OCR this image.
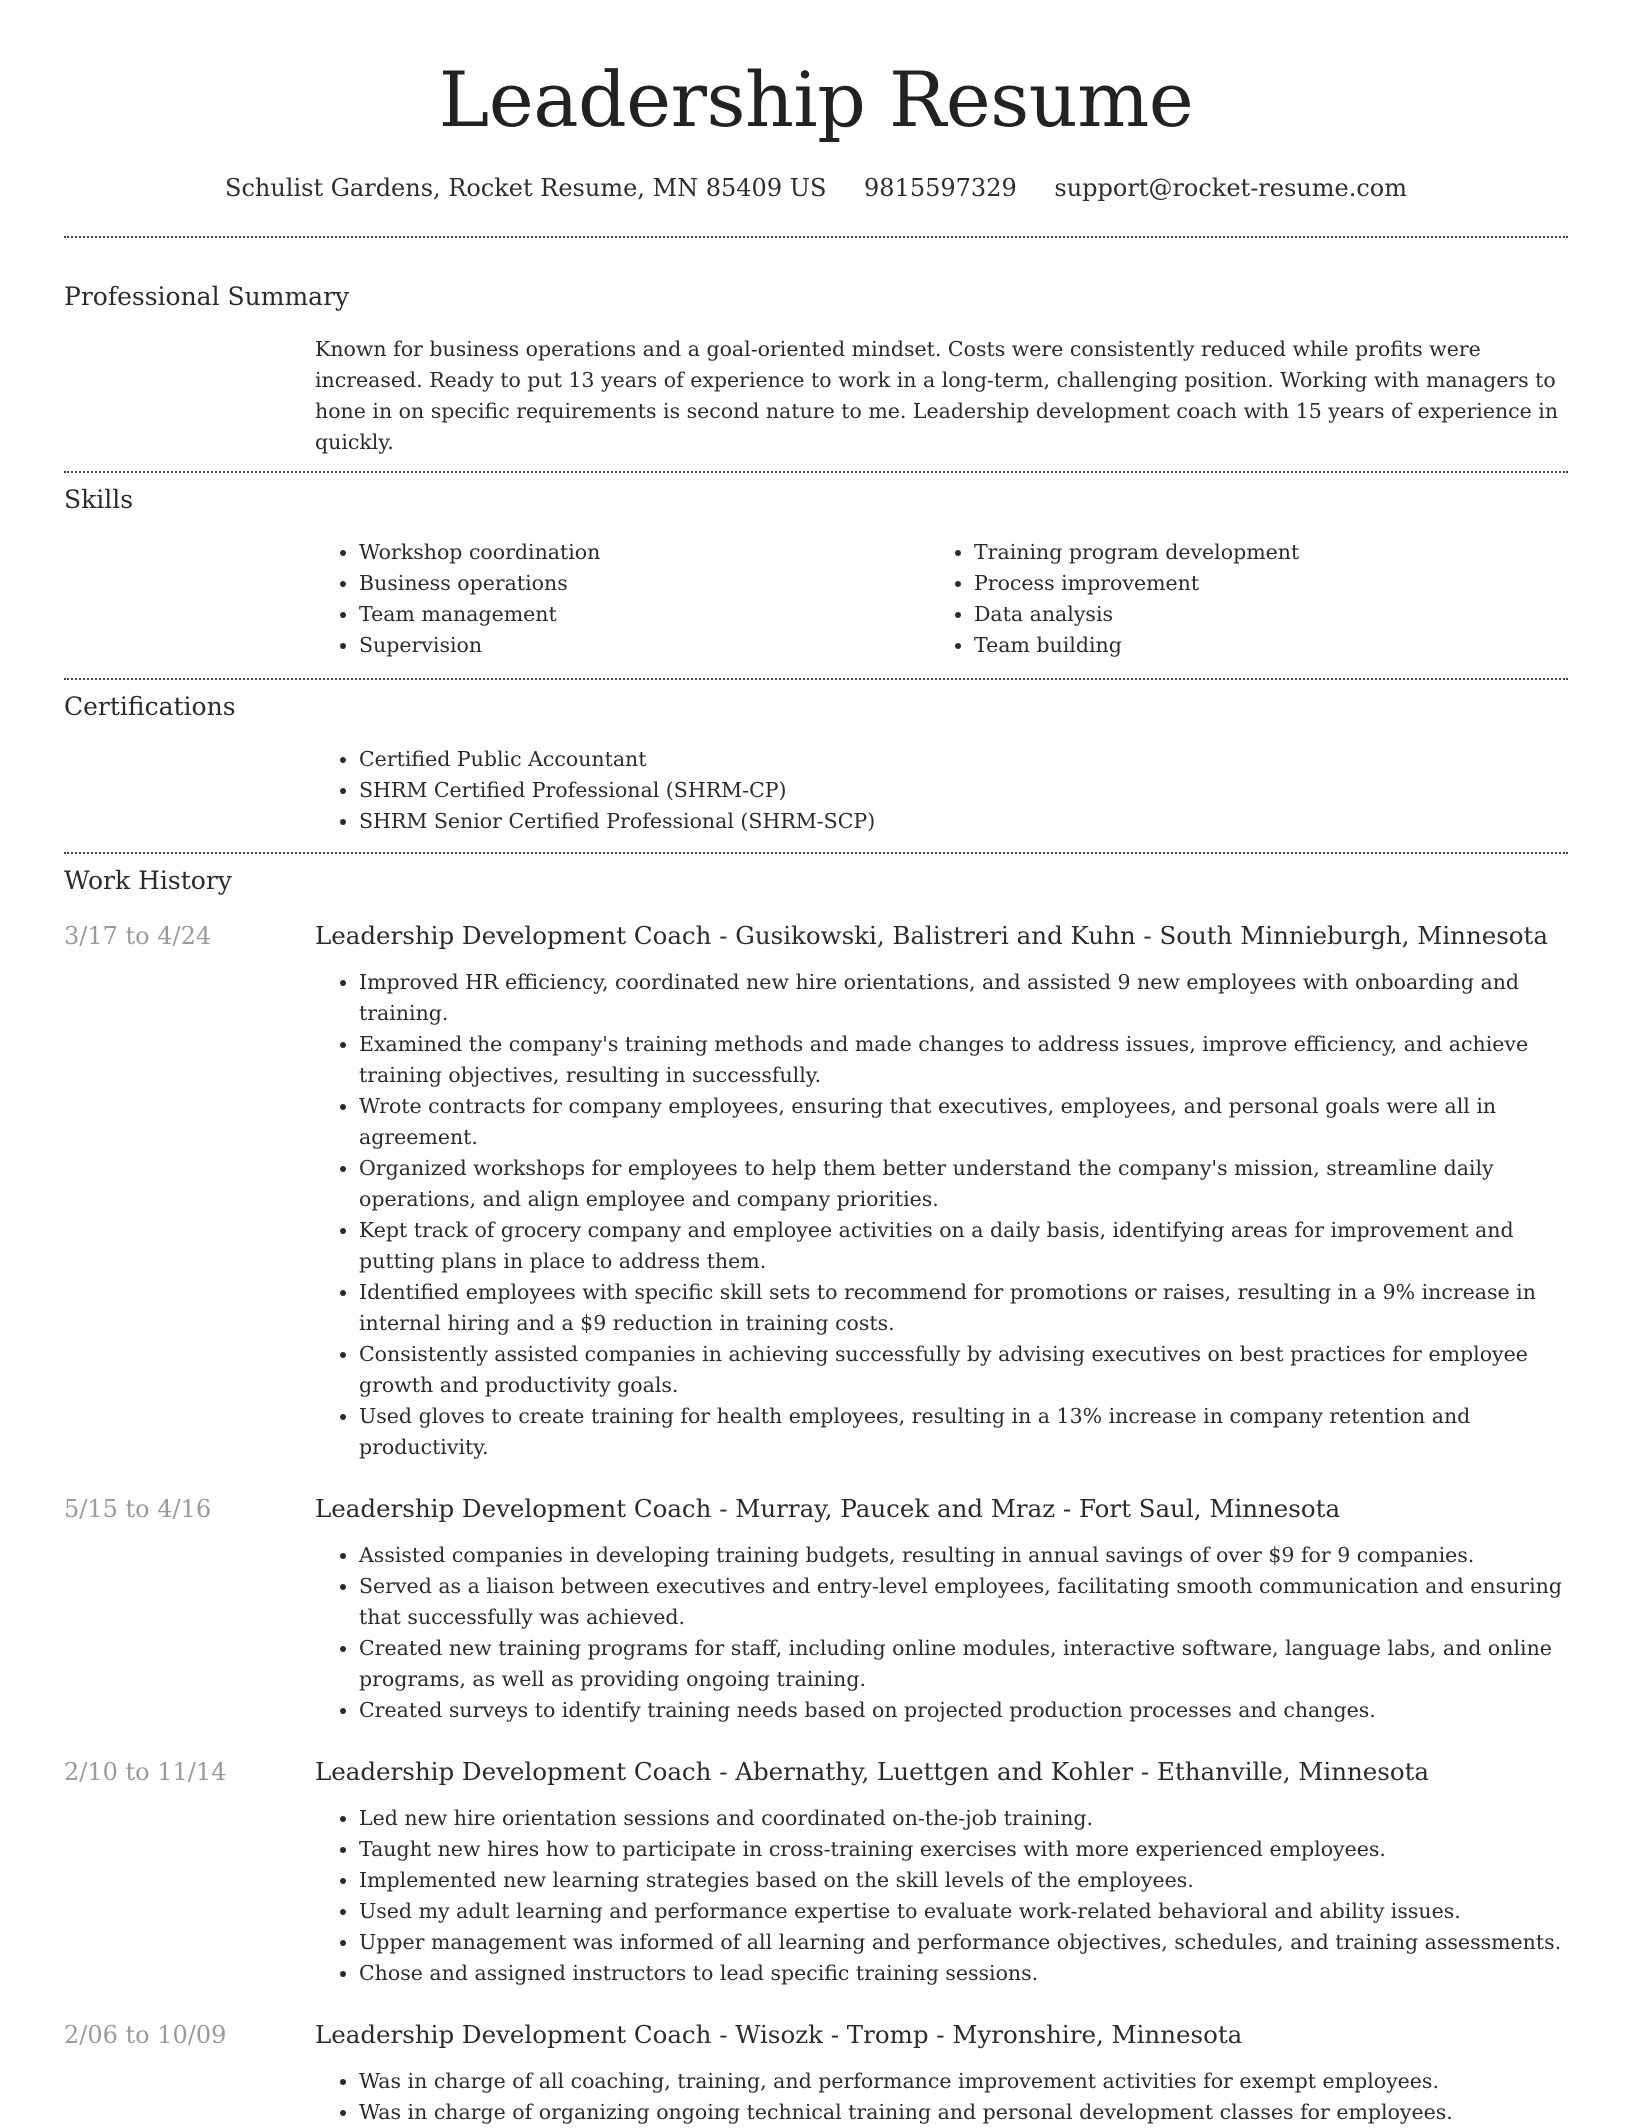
Leadership Resume
Schulist Gardens, Rocket Resume, MN 85409 US 9815597329 support@rocket-resume.com
Professional Summary

Known for business operations and a goal-oriented mindset. Costs were consistently reduced while profits were increased. Ready to put 13 years of experience to work in a long-term, challenging position. Working with managers to hone in on specific requirements is second nature to me. Leadership development coach with 15 years of experience in quickly.

Skills
• Workshop coordination
• Business operations
• Team management
• Supervision
• Training program development
• Process improvement
• Data analysis
• Team building
Certifications
• Certified Public Accountant
• SHRM Certified Professional (SHRM-CP)
• SHRM Senior Certified Professional (SHRM-SCP)
Work History
3/17 to 4/24	Leadership Development Coach - Gusikowski, Balistreri and Kuhn - South Minnieburgh, Minnesota
• Improved HR efficiency, coordinated new hire orientations, and assisted 9 new employees with onboarding and training.
• Examined the company's training methods and made changes to address issues, improve efficiency, and achieve training objectives, resulting in successfully.
• Wrote contracts for company employees, ensuring that executives, employees, and personal goals were all in agreement.
• Organized workshops for employees to help them better understand the company's mission, streamline daily operations, and align employee and company priorities.
• Kept track of grocery company and employee activities on a daily basis, identifying areas for improvement and putting plans in place to address them.
• Identified employees with specific skill sets to recommend for promotions or raises, resulting in a 9% increase in internal hiring and a $9 reduction in training costs.
• Consistently assisted companies in achieving successfully by advising executives on best practices for employee growth and productivity goals.
• Used gloves to create training for health employees, resulting in a 13% increase in company retention and productivity.
5/15 to 4/16	Leadership Development Coach - Murray, Paucek and Mraz - Fort Saul, Minnesota
• Assisted companies in developing training budgets, resulting in annual savings of over $9 for 9 companies.
• Served as a liaison between executives and entry-level employees, facilitating smooth communication and ensuring that successfully was achieved.
• Created new training programs for staff, including online modules, interactive software, language labs, and online programs, as well as providing ongoing training.
• Created surveys to identify training needs based on projected production processes and changes.
2/10 to 11/14	Leadership Development Coach - Abernathy, Luettgen and Kohler - Ethanville, Minnesota
• Led new hire orientation sessions and coordinated on-the-job training.
• Taught new hires how to participate in cross-training exercises with more experienced employees.
• Implemented new learning strategies based on the skill levels of the employees.
• Used my adult learning and performance expertise to evaluate work-related behavioral and ability issues.
• Upper management was informed of all learning and performance objectives, schedules, and training assessments.
• Chose and assigned instructors to lead specific training sessions.
2/06 to 10/09	Leadership Development Coach - Wisozk - Tromp - Myronshire, Minnesota
• Was in charge of all coaching, training, and performance improvement activities for exempt employees.
• Was in charge of organizing ongoing technical training and personal development classes for employees.
